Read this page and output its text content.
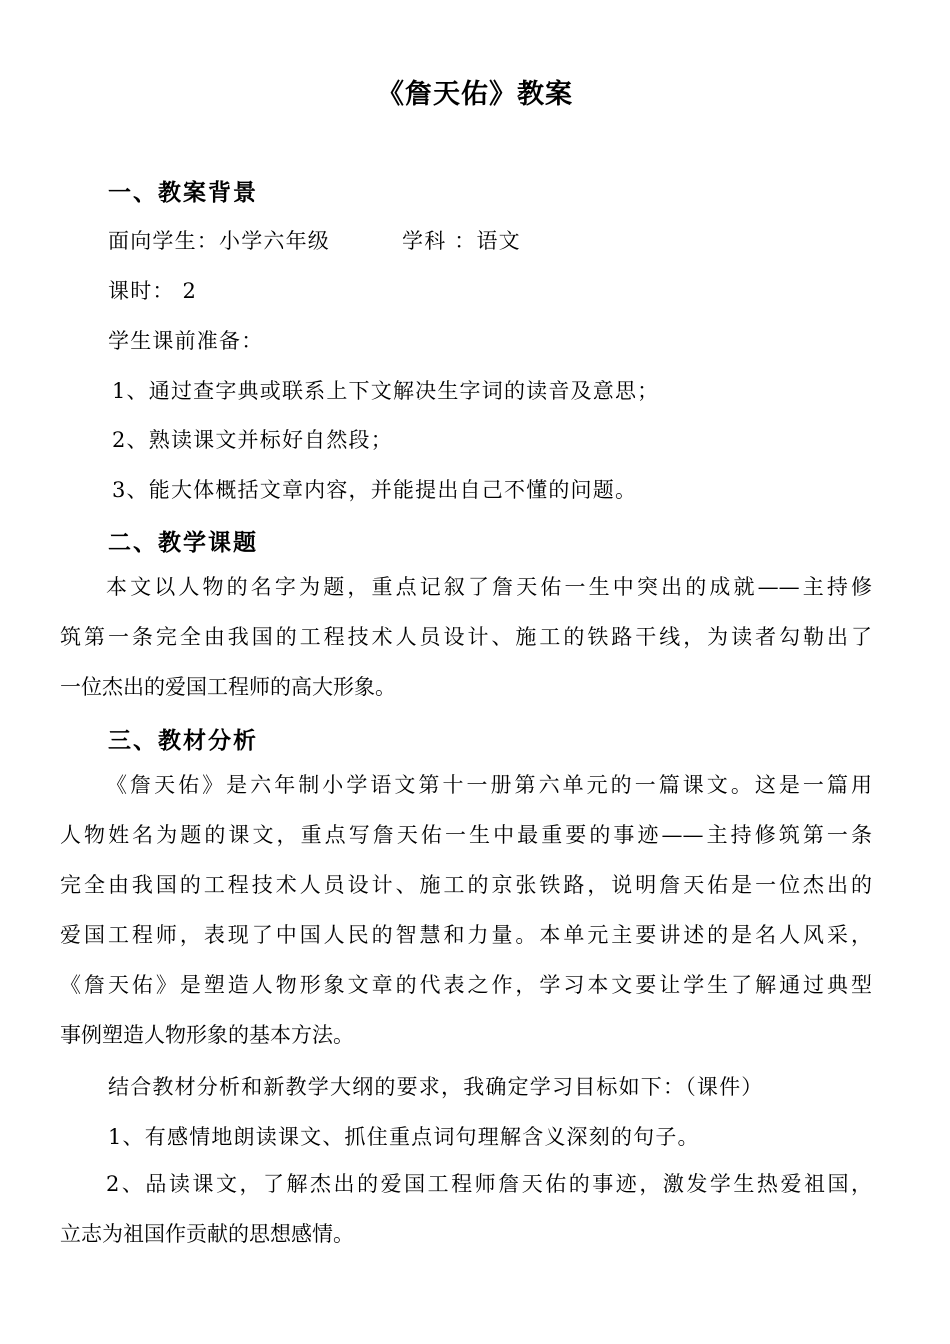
《詹天佑》教案
一、教案背景
面向学生：小学六年级	学科 ：语文
课时： 2
学生课前准备：
1、通过查字典或联系上下文解决生字词的读音及意思；
2、熟读课文并标好自然段；
3、能大体概括文章内容，并能提出自己不懂的问题。
二、教学课题
本文以人物的名字为题，重点记叙了詹天佑一生中突出的成就——主持修
筑第一条完全由我国的工程技术人员设计、施工的铁路干线，为读者勾勒出了
一位杰出的爱国工程师的高大形象。
三、教材分析
《詹天佑》是六年制小学语文第十一册第六单元的一篇课文。这是一篇用
人物姓名为题的课文，重点写詹天佑一生中最重要的事迹——主持修筑第一条
完全由我国的工程技术人员设计、施工的京张铁路，说明詹天佑是一位杰出的
爱国工程师，表现了中国人民的智慧和力量。本单元主要讲述的是名人风采，
《詹天佑》是塑造人物形象文章的代表之作，学习本文要让学生了解通过典型
事例塑造人物形象的基本方法。
结合教材分析和新教学大纲的要求，我确定学习目标如下：（课件）
1、有感情地朗读课文、抓住重点词句理解含义深刻的句子。
2、品读课文，了解杰出的爱国工程师詹天佑的事迹，激发学生热爱祖国，
立志为祖国作贡献的思想感情。
